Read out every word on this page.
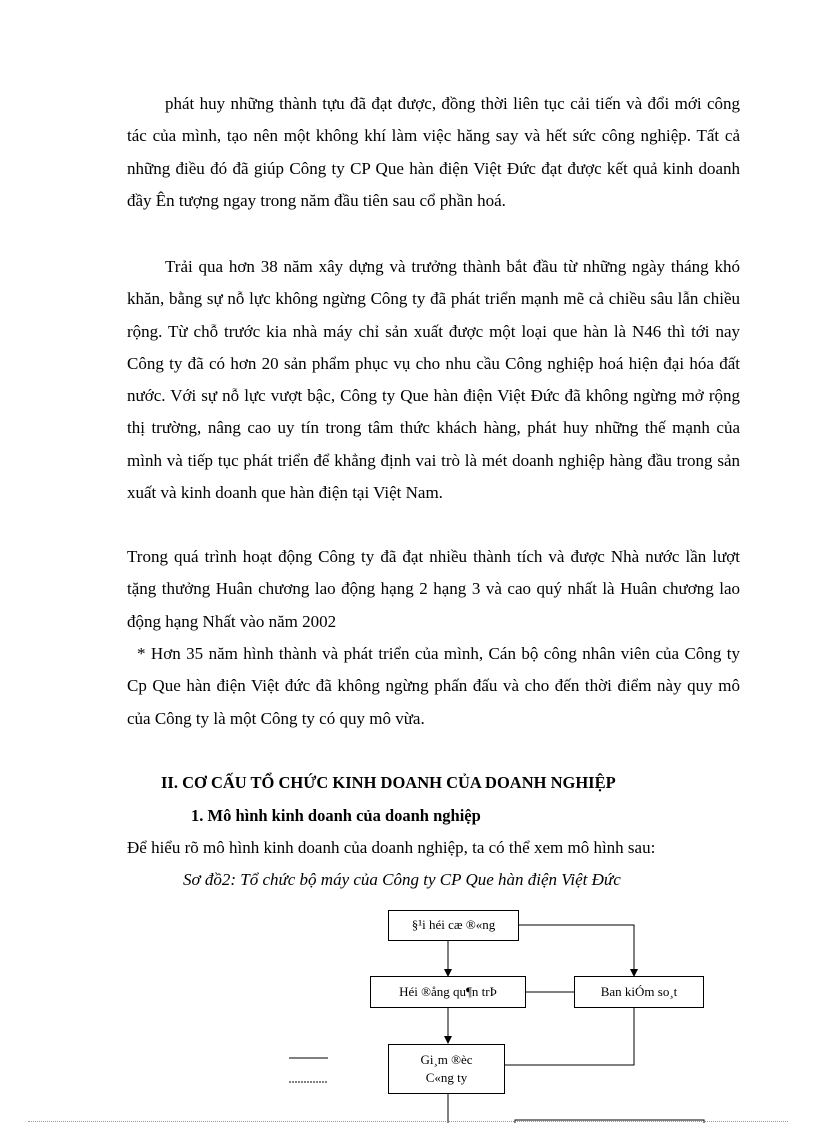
phát huy những thành tựu đã đạt được, đồng thời liên tục cải tiến và đổi mới công tác của mình, tạo nên một không khí làm việc hăng say và hết sức công nghiệp. Tất cả những điều đó đã giúp Công ty CP Que hàn điện Việt Đức đạt được kết quả kinh doanh đầy Ên tượng ngay trong năm đầu tiên sau cổ phần hoá.

Trải qua hơn 38 năm xây dựng và trưởng thành bắt đầu từ những ngày tháng khó khăn, bằng sự nỗ lực không ngừng Công ty đã phát triển mạnh mẽ cả chiều sâu lẫn chiều rộng. Từ chỗ trước kia nhà máy chỉ sản xuất được một loại que hàn là N46 thì tới nay Công ty đã có hơn 20 sản phẩm phục vụ cho nhu cầu Công nghiệp hoá hiện đại hóa đất nước. Với sự nỗ lực vượt bậc, Công ty Que hàn điện Việt Đức đã không ngừng mở rộng thị trường, nâng cao uy tín trong tâm thức khách hàng, phát huy những thế mạnh của mình và tiếp tục phát triển để khẳng định vai trò là mét doanh nghiệp hàng đầu trong sản xuất và kinh doanh que hàn điện tại Việt Nam.

Trong quá trình hoạt động Công ty đã đạt nhiều thành tích và được Nhà nước lần lượt tặng thưởng Huân chương lao động hạng 2 hạng 3 và cao quý nhất là Huân chương lao động hạng Nhất vào năm 2002

* Hơn 35 năm hình thành và phát triển của mình, Cán bộ công nhân viên của Công ty Cp Que hàn điện Việt đức đã không ngừng phấn đấu và cho đến thời điểm này quy mô của Công ty là một Công ty có quy mô vừa.

II. CƠ CẤU TỔ CHỨC KINH DOANH CỦA DOANH NGHIỆP
1. Mô hình kinh doanh của doanh nghiệp

Để hiểu rõ mô hình kinh doanh của doanh nghiệp, ta có thể xem mô hình sau:

Sơ đồ2: Tổ chức bộ máy của Công ty CP Que hàn điện Việt Đức

§¹i héi cæ ®«ng
Héi ®ång qu¶n trÞ	Ban kiÓm so¸t
Gi¸m ®èc
C«ng ty
